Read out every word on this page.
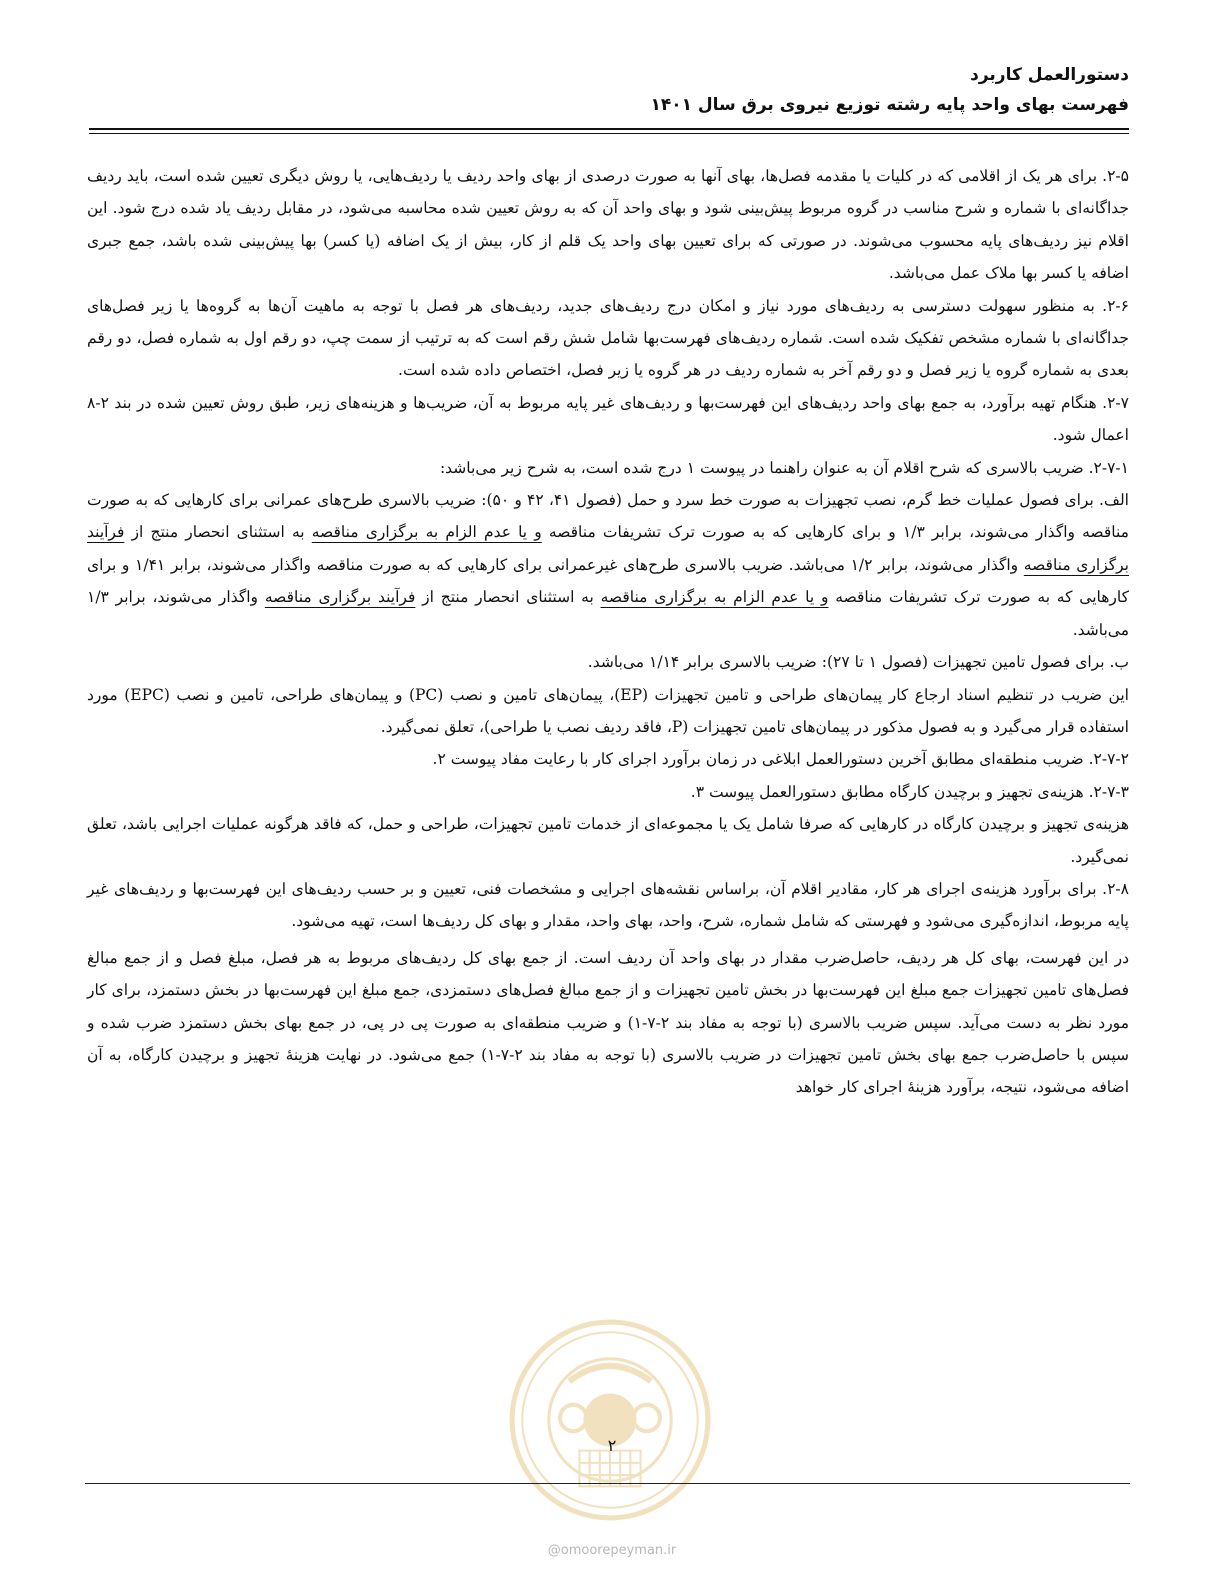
دستورالعمل کاربرد
فهرست بهای واحد پایه رشته توزیع نیروی برق سال ۱۴۰۱

۲-۵. برای هر یک از اقلامی که در کلیات یا مقدمه فصل‌ها، بهای آنها به صورت درصدی از بهای واحد ردیف یا ردیف‌هایی، یا روش دیگری تعیین شده است، باید ردیف جداگانه‌ای با شماره و شرح مناسب در گروه مربوط پیش‌بینی شود و بهای واحد آن که به روش تعیین شده محاسبه می‌شود، در مقابل ردیف یاد شده درج شود. این اقلام نیز ردیف‌های پایه محسوب می‌شوند. در صورتی که برای تعیین بهای واحد یک قلم از کار، بیش از یک اضافه (یا کسر) بها پیش‌بینی شده باشد، جمع جبری اضافه یا کسر بها ملاک عمل می‌باشد.

۲-۶. به منظور سهولت دسترسی به ردیف‌های مورد نیاز و امکان درج ردیف‌های جدید، ردیف‌های هر فصل با توجه به ماهیت آن‌ها به گروه‌ها یا زیر فصل‌های جداگانه‌ای با شماره مشخص تفکیک شده است. شماره ردیف‌های فهرست‌بها شامل شش رقم است که به ترتیب از سمت چپ، دو رقم اول به شماره فصل، دو رقم بعدی به شماره گروه یا زیر فصل و دو رقم آخر به شماره ردیف در هر گروه یا زیر فصل، اختصاص داده شده است.

۲-۷. هنگام تهیه برآورد، به جمع بهای واحد ردیف‌های این فهرست‌بها و ردیف‌های غیر پایه مربوط به آن، ضریب‌ها و هزینه‌های زیر، طبق روش تعیین شده در بند ۲-۸ اعمال شود.

۲-۷-۱. ضریب بالاسری که شرح اقلام آن به عنوان راهنما در پیوست ۱ درج شده است، به شرح زیر می‌باشد:

الف. برای فصول عملیات خط گرم، نصب تجهیزات به صورت خط سرد و حمل (فصول ۴۱، ۴۲ و ۵۰): ضریب بالاسری طرح‌های عمرانی برای کارهایی که به صورت مناقصه واگذار می‌شوند، برابر ۱/۳ و برای کارهایی که به صورت ترک تشریفات مناقصه و یا عدم الزام به برگزاری مناقصه به استثنای انحصار منتج از فرآیند برگزاری مناقصه واگذار می‌شوند، برابر ۱/۲ می‌باشد. ضریب بالاسری طرح‌های غیرعمرانی برای کارهایی که به صورت مناقصه واگذار می‌شوند، برابر ۱/۴۱ و برای کارهایی که به صورت ترک تشریفات مناقصه و یا عدم الزام به برگزاری مناقصه به استثنای انحصار منتج از فرآیند برگزاری مناقصه واگذار می‌شوند، برابر ۱/۳ می‌باشد.

ب. برای فصول تامین تجهیزات (فصول ۱ تا ۲۷): ضریب بالاسری برابر ۱/۱۴ می‌باشد.

این ضریب در تنظیم اسناد ارجاع کار پیمان‌های طراحی و تامین تجهیزات (EP)، پیمان‌های تامین و نصب (PC) و پیمان‌های طراحی، تامین و نصب (EPC) مورد استفاده قرار می‌گیرد و به فصول مذکور در پیمان‌های تامین تجهیزات (P، فاقد ردیف نصب یا طراحی)، تعلق نمی‌گیرد.

۲-۷-۲. ضریب منطقه‌ای مطابق آخرین دستورالعمل ابلاغی در زمان برآورد اجرای کار با رعایت مفاد پیوست ۲.

۲-۷-۳. هزینه‌ی تجهیز و برچیدن کارگاه مطابق دستورالعمل پیوست ۳.

هزینه‌ی تجهیز و برچیدن کارگاه در کارهایی که صرفا شامل یک یا مجموعه‌ای از خدمات تامین تجهیزات، طراحی و حمل، که فاقد هرگونه عملیات اجرایی باشد، تعلق نمی‌گیرد.

۲-۸. برای برآورد هزینه‌ی اجرای هر کار، مقادیر اقلام آن، براساس نقشه‌های اجرایی و مشخصات فنی، تعیین و بر حسب ردیف‌های این فهرست‌بها و ردیف‌های غیر پایه مربوط، اندازه‌گیری می‌شود و فهرستی که شامل شماره، شرح، واحد، بهای واحد، مقدار و بهای کل ردیف‌ها است، تهیه می‌شود.

در این فهرست، بهای کل هر ردیف، حاصل‌ضرب مقدار در بهای واحد آن ردیف است. از جمع بهای کل ردیف‌های مربوط به هر فصل، مبلغ فصل و از جمع مبالغ فصل‌های تامین تجهیزات جمع مبلغ این فهرست‌بها در بخش تامین تجهیزات و از جمع مبالغ فصل‌های دستمزدی، جمع مبلغ این فهرست‌بها در بخش دستمزد، برای کار مورد نظر به دست می‌آید. سپس ضریب بالاسری (با توجه به مفاد بند ۲-۷-۱) و ضریب منطقه‌ای به صورت پی در پی، در جمع بهای بخش دستمزد ضرب شده و سپس با حاصل‌ضرب جمع بهای بخش تامین تجهیزات در ضریب بالاسری (با توجه به مفاد بند ۲-۷-۱) جمع می‌شود. در نهایت هزینهٔ تجهیز و برچیدن کارگاه، به آن اضافه می‌شود، نتیجه، برآورد هزینهٔ اجرای کار خواهد

۲
@omoorepeyman.ir
